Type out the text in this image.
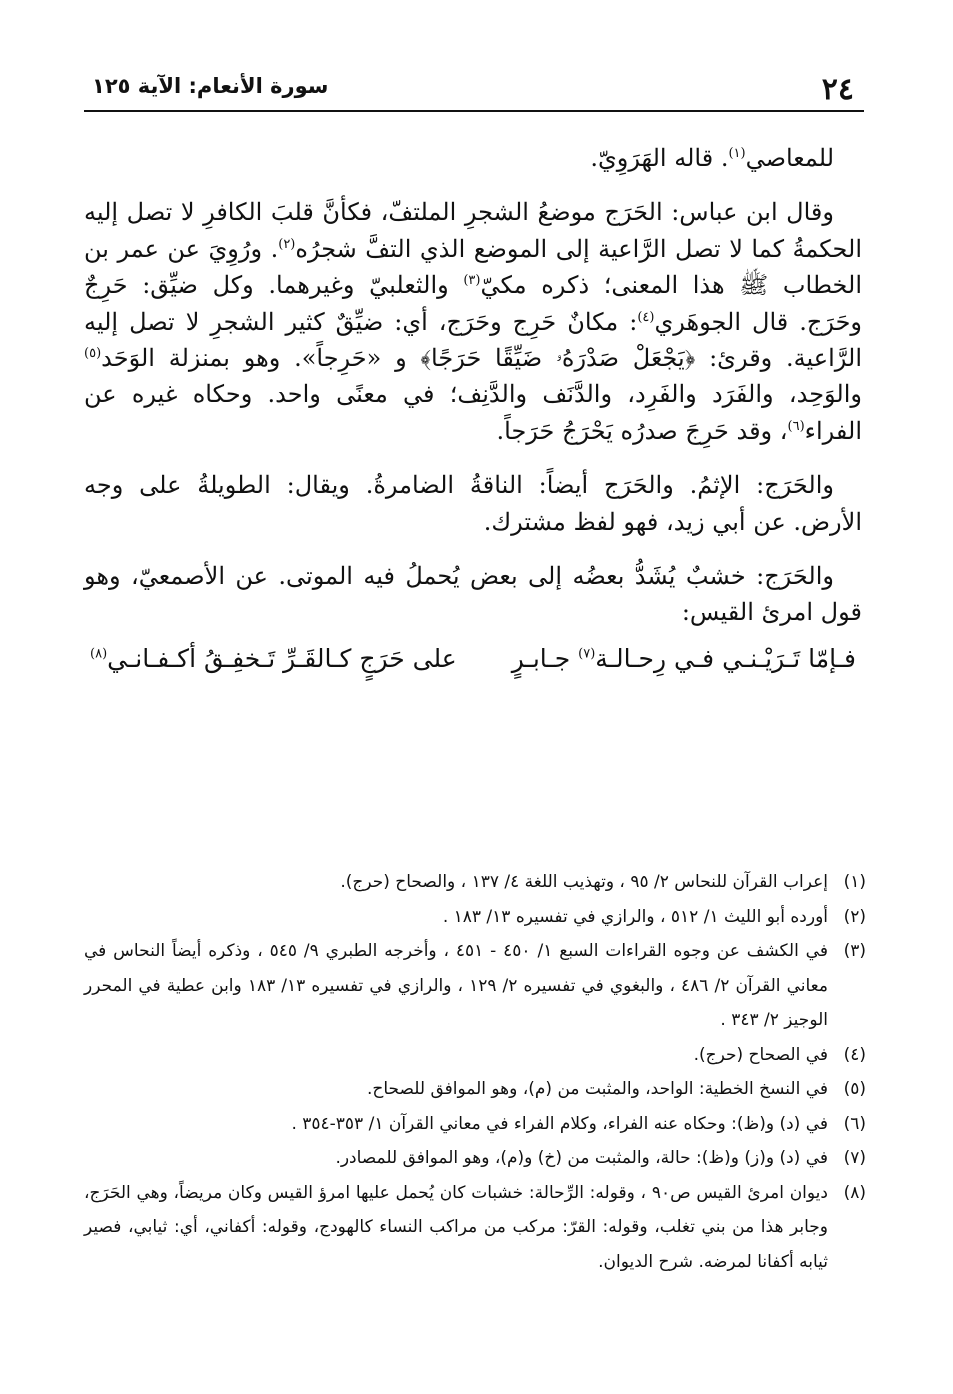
٢٤
سورة الأنعام: الآية ١٢٥

للمعاصي$^{(١)}$. قاله الهَرَوِيّ.

وقال ابن عباس: الحَرَج موضعُ الشجرِ الملتفّ، فكأنَّ قلبَ الكافرِ لا تصل إليه الحكمةُ كما لا تصل الرَّاعية إلى الموضع الذي التفَّ شجرُه$^{(٢)}$. ورُوِيَ عن عمر بن الخطاب ﷺ هذا المعنى؛ ذكره مكيّ$^{(٣)}$ والثعلبيّ وغيرهما. وكل ضيِّق: حَرِجٌ وحَرَج. قال الجوهَري$^{(٤)}$: مكانٌ حَرِج وحَرَج، أي: ضيِّقٌ كثير الشجرِ لا تصل إليه الرَّاعية. وقرئ: ﴿يَجْعَلْ صَدْرَهُۥ ضَيِّقًا حَرَجًا﴾ و «حَرِجاً». وهو بمنزلة الوَحَد$^{(٥)}$ والوَحِد، والفَرَد والفَرِد، والدَّنَف والدَّنِف؛ في معنًى واحد. وحكاه غيره عن الفراء$^{(٦)}$، وقد حَرِجَ صدرُه يَحْرَجُ حَرَجاً.

والحَرَج: الإثمُ. والحَرَج أيضاً: الناقةُ الضامرةُ. ويقال: الطويلةُ على وجه الأرض. عن أبي زيد، فهو لفظ مشترك.

والحَرَج: خشبٌ يُشَدُّ بعضُه إلى بعض يُحملُ فيه الموتى. عن الأصمعيّ، وهو قول امرئ القيس:

فـإمّا تَـرَيْـنـي فـي رِحـالـة$^{(٧)}$ جـابـرٍ
على حَرَجٍ كـالقَـرِّ تَـخفِـقُ أكـفـانـي$^{(٨)}$
(١)
إعراب القرآن للنحاس ٢/ ٩٥ ، وتهذيب اللغة ٤/ ١٣٧ ، والصحاح (حرج).
(٢)
أورده أبو الليث ١/ ٥١٢ ، والرازي في تفسيره ١٣/ ١٨٣ .
(٣)
في الكشف عن وجوه القراءات السبع ١/ ٤٥٠ - ٤٥١ ، وأخرجه الطبري ٩/ ٥٤٥ ، وذكره أيضاً النحاس في معاني القرآن ٢/ ٤٨٦ ، والبغوي في تفسيره ٢/ ١٢٩ ، والرازي في تفسيره ١٣/ ١٨٣ وابن عطية في المحرر الوجيز ٢/ ٣٤٣ .
(٤)
في الصحاح (حرج).
(٥)
في النسخ الخطية: الواحد، والمثبت من (م)، وهو الموافق للصحاح.
(٦)
في (د) و(ظ): وحكاه عنه الفراء، وكلام الفراء في معاني القرآن ١/ ٣٥٣-٣٥٤ .
(٧)
في (د) و(ز) و(ظ): حالة، والمثبت من (خ) و(م)، وهو الموافق للمصادر.
(٨)
ديوان امرئ القيس ص٩٠ ، وقوله: الرِّحالة: خشبات كان يُحمل عليها امرؤ القيس وكان مريضاً، وهي الحَرَج، وجابر هذا من بني تغلب، وقوله: القرّ: مركب من مراكب النساء كالهودج، وقوله: أكفاني، أي: ثيابي، فصير ثيابه أكفانا لمرضه. شرح الديوان.
